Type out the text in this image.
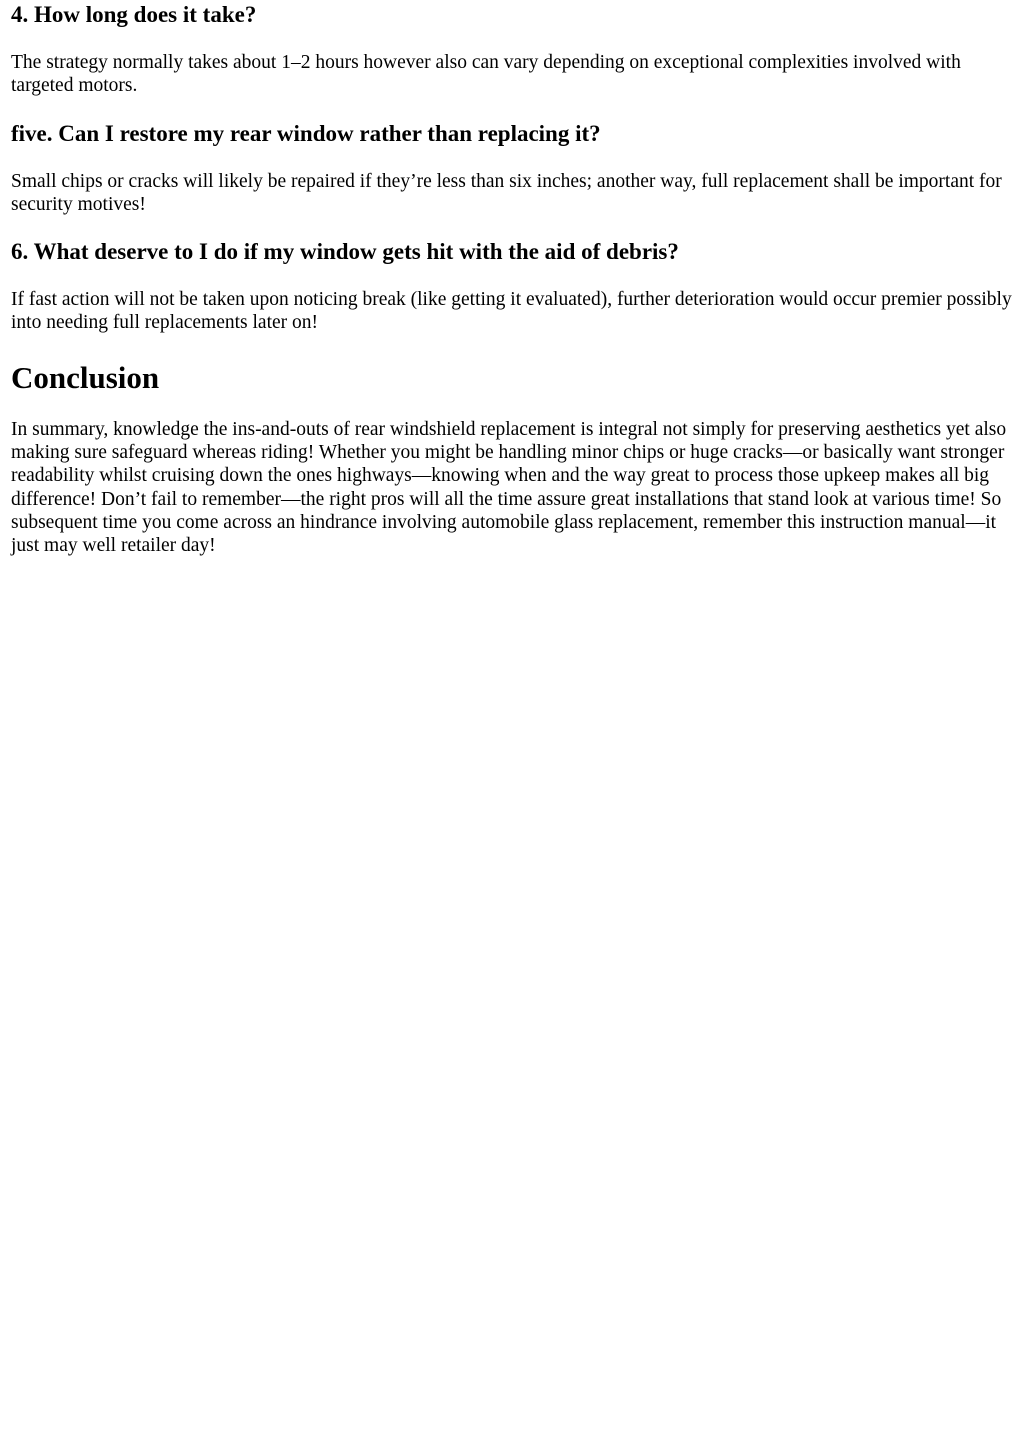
4. How long does it take?

The strategy normally takes about 1–2 hours however also can vary depending on exceptional complexities involved with targeted motors.

five. Can I restore my rear window rather than replacing it?

Small chips or cracks will likely be repaired if they’re less than six inches; another way, full replacement shall be important for security motives!

6. What deserve to I do if my window gets hit with the aid of debris?

If fast action will not be taken upon noticing break (like getting it evaluated), further deterioration would occur premier possibly into needing full replacements later on!

Conclusion

In summary, knowledge the ins-and-outs of rear windshield replacement is integral not simply for preserving aesthetics yet also making sure safeguard whereas riding! Whether you might be handling minor chips or huge cracks—or basically want stronger readability whilst cruising down the ones highways—knowing when and the way great to process those upkeep makes all big difference! Don’t fail to remember—the right pros will all the time assure great installations that stand look at various time! So subsequent time you come across an hindrance involving automobile glass replacement, remember this instruction manual—it just may well retailer day!
